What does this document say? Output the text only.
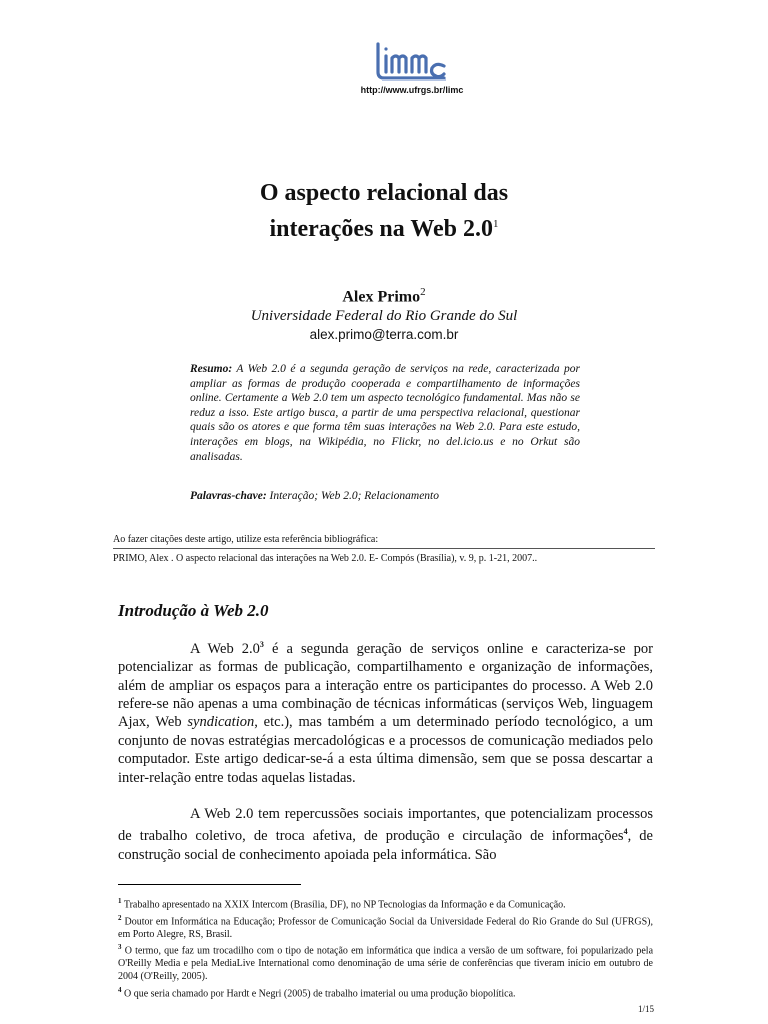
http://www.ufrgs.br/limc
O aspecto relacional das
interações na Web $2.0^1$
Alex Primo$^2$
Universidade Federal do Rio Grande do Sul
alex.primo@terra.com.br
Resumo: A Web 2.0 é a segunda geração de serviços na rede, caracterizada por ampliar as formas de produção cooperada e compartilhamento de informações online. Certamente a Web 2.0 tem um aspecto tecnológico fundamental. Mas não se reduz a isso. Este artigo busca, a partir de uma perspectiva relacional, questionar quais são os atores e que forma têm suas interações na Web 2.0. Para este estudo, interações em blogs, na Wikipédia, no Flickr, no del.icio.us e no Orkut são analisadas.
Palavras-chave: Interação; Web 2.0; Relacionamento
Ao fazer citações deste artigo, utilize esta referência bibliográfica:
PRIMO, Alex . O aspecto relacional das interações na Web 2.0. E- Compós (Brasília), v. 9, p. 1-21, 2007..
Introdução à Web 2.0
A Web $2.0^3$ é a segunda geração de serviços online e caracteriza-se por potencializar as formas de publicação, compartilhamento e organização de informações, além de ampliar os espaços para a interação entre os participantes do processo. A Web 2.0 refere-se não apenas a uma combinação de técnicas informáticas (serviços Web, linguagem Ajax, Web syndication, etc.), mas também a um determinado período tecnológico, a um conjunto de novas estratégias mercadológicas e a processos de comunicação mediados pelo computador. Este artigo dedicar-se-á a esta última dimensão, sem que se possa descartar a inter-relação entre todas aquelas listadas.
A Web 2.0 tem repercussões sociais importantes, que potencializam processos de trabalho coletivo, de troca afetiva, de produção e circulação de informações$^4$, de construção social de conhecimento apoiada pela informática. São
$^1$ Trabalho apresentado na XXIX Intercom (Brasília, DF), no NP Tecnologias da Informação e da Comunicação.
$^2$ Doutor em Informática na Educação; Professor de Comunicação Social da Universidade Federal do Rio Grande do Sul (UFRGS), em Porto Alegre, RS, Brasil.
$^3$ O termo, que faz um trocadilho com o tipo de notação em informática que indica a versão de um software, foi popularizado pela O'Reilly Media e pela MediaLive International como denominação de uma série de conferências que tiveram início em outubro de 2004 (O'Reilly, 2005).
$^4$ O que seria chamado por Hardt e Negri (2005) de trabalho imaterial ou uma produção biopolítica.
1/15
